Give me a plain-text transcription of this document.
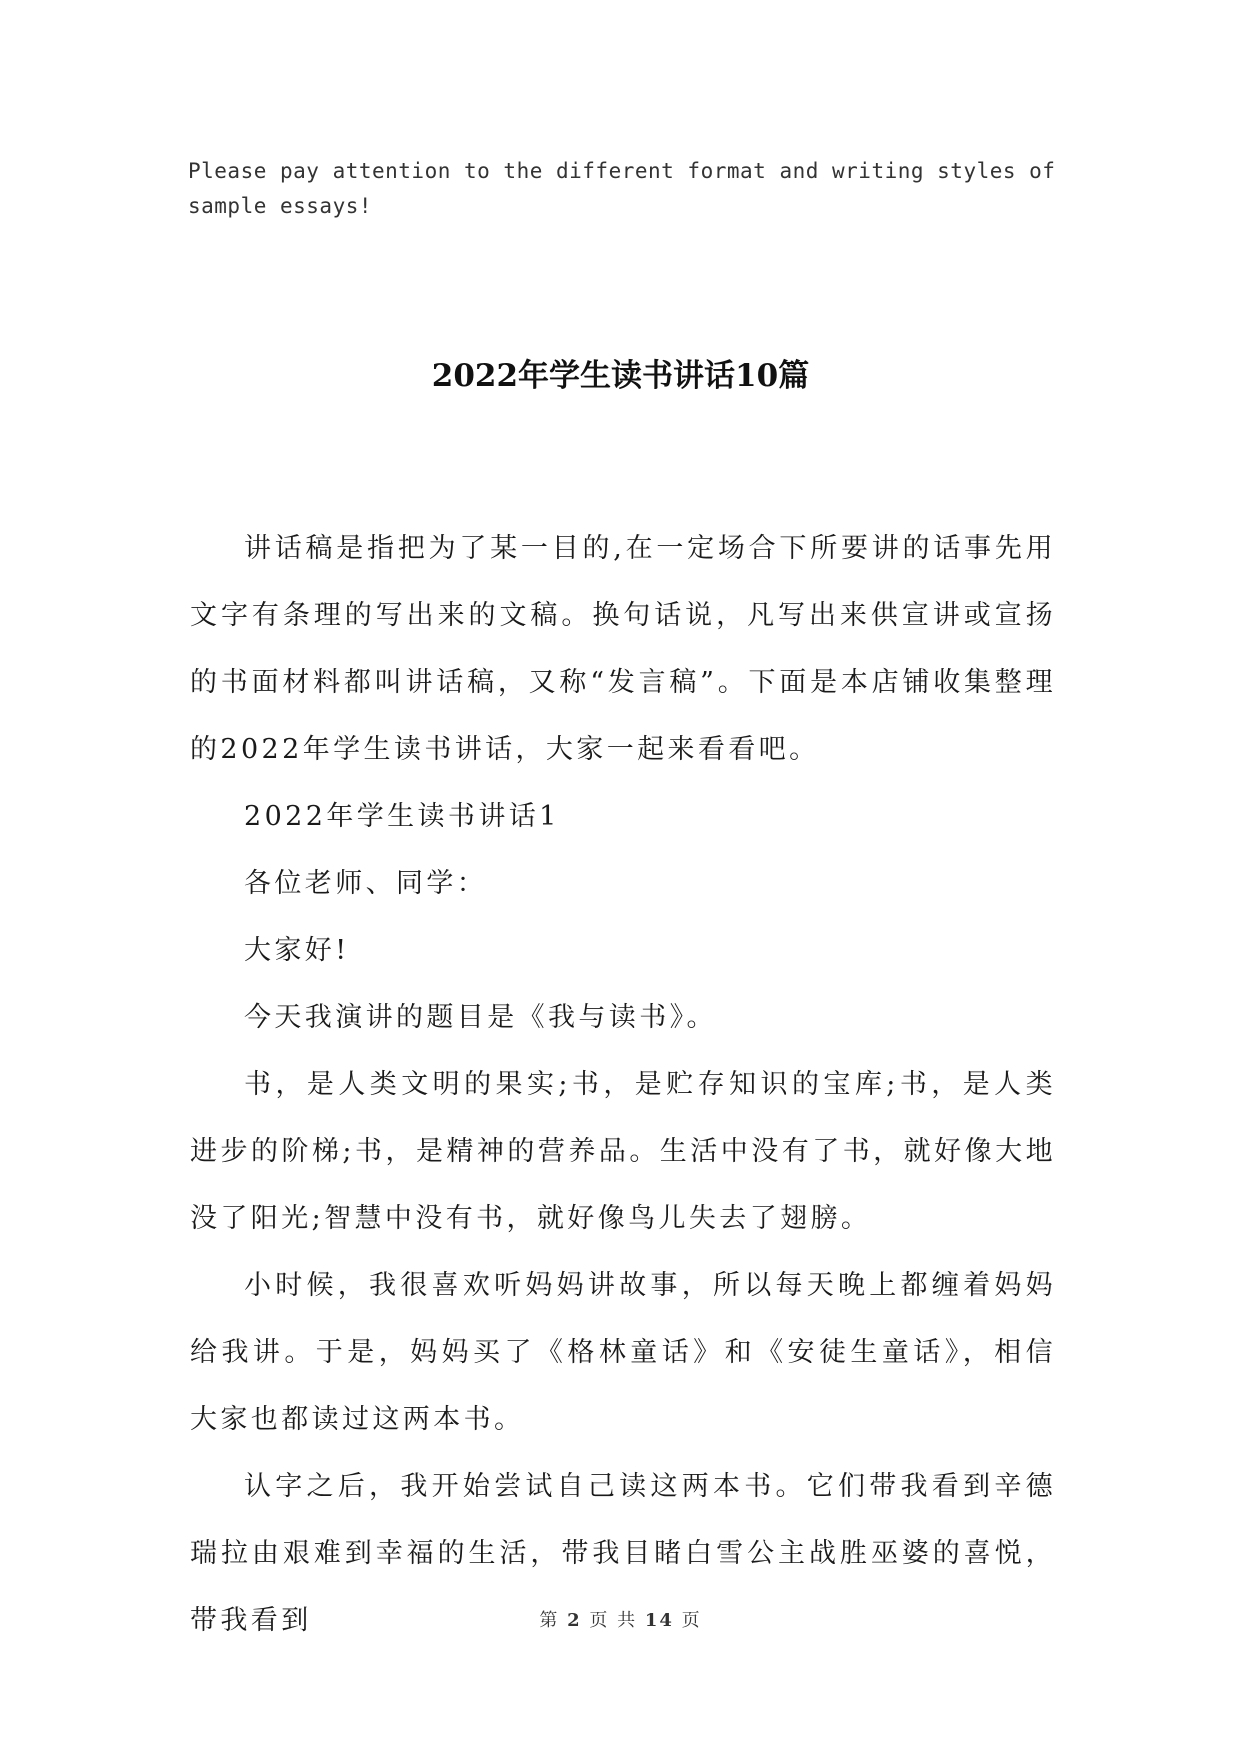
Please pay attention to the different format and writing styles of sample essays!

2022年学生读书讲话10篇

讲话稿是指把为了某一目的,在一定场合下所要讲的话事先用文字有条理的写出来的文稿。换句话说，凡写出来供宣讲或宣扬的书面材料都叫讲话稿，又称“发言稿”。下面是本店铺收集整理的2022年学生读书讲话，大家一起来看看吧。

2022年学生读书讲话1

各位老师、同学：

大家好!

今天我演讲的题目是《我与读书》。

书，是人类文明的果实;书，是贮存知识的宝库;书，是人类进步的阶梯;书，是精神的营养品。生活中没有了书，就好像大地没了阳光;智慧中没有书，就好像鸟儿失去了翅膀。

小时候，我很喜欢听妈妈讲故事，所以每天晚上都缠着妈妈给我讲。于是，妈妈买了《格林童话》和《安徒生童话》，相信大家也都读过这两本书。

认字之后，我开始尝试自己读这两本书。它们带我看到辛德瑞拉由艰难到幸福的生活，带我目睹白雪公主战胜巫婆的喜悦，带我看到	第 2 页 共 14 页
